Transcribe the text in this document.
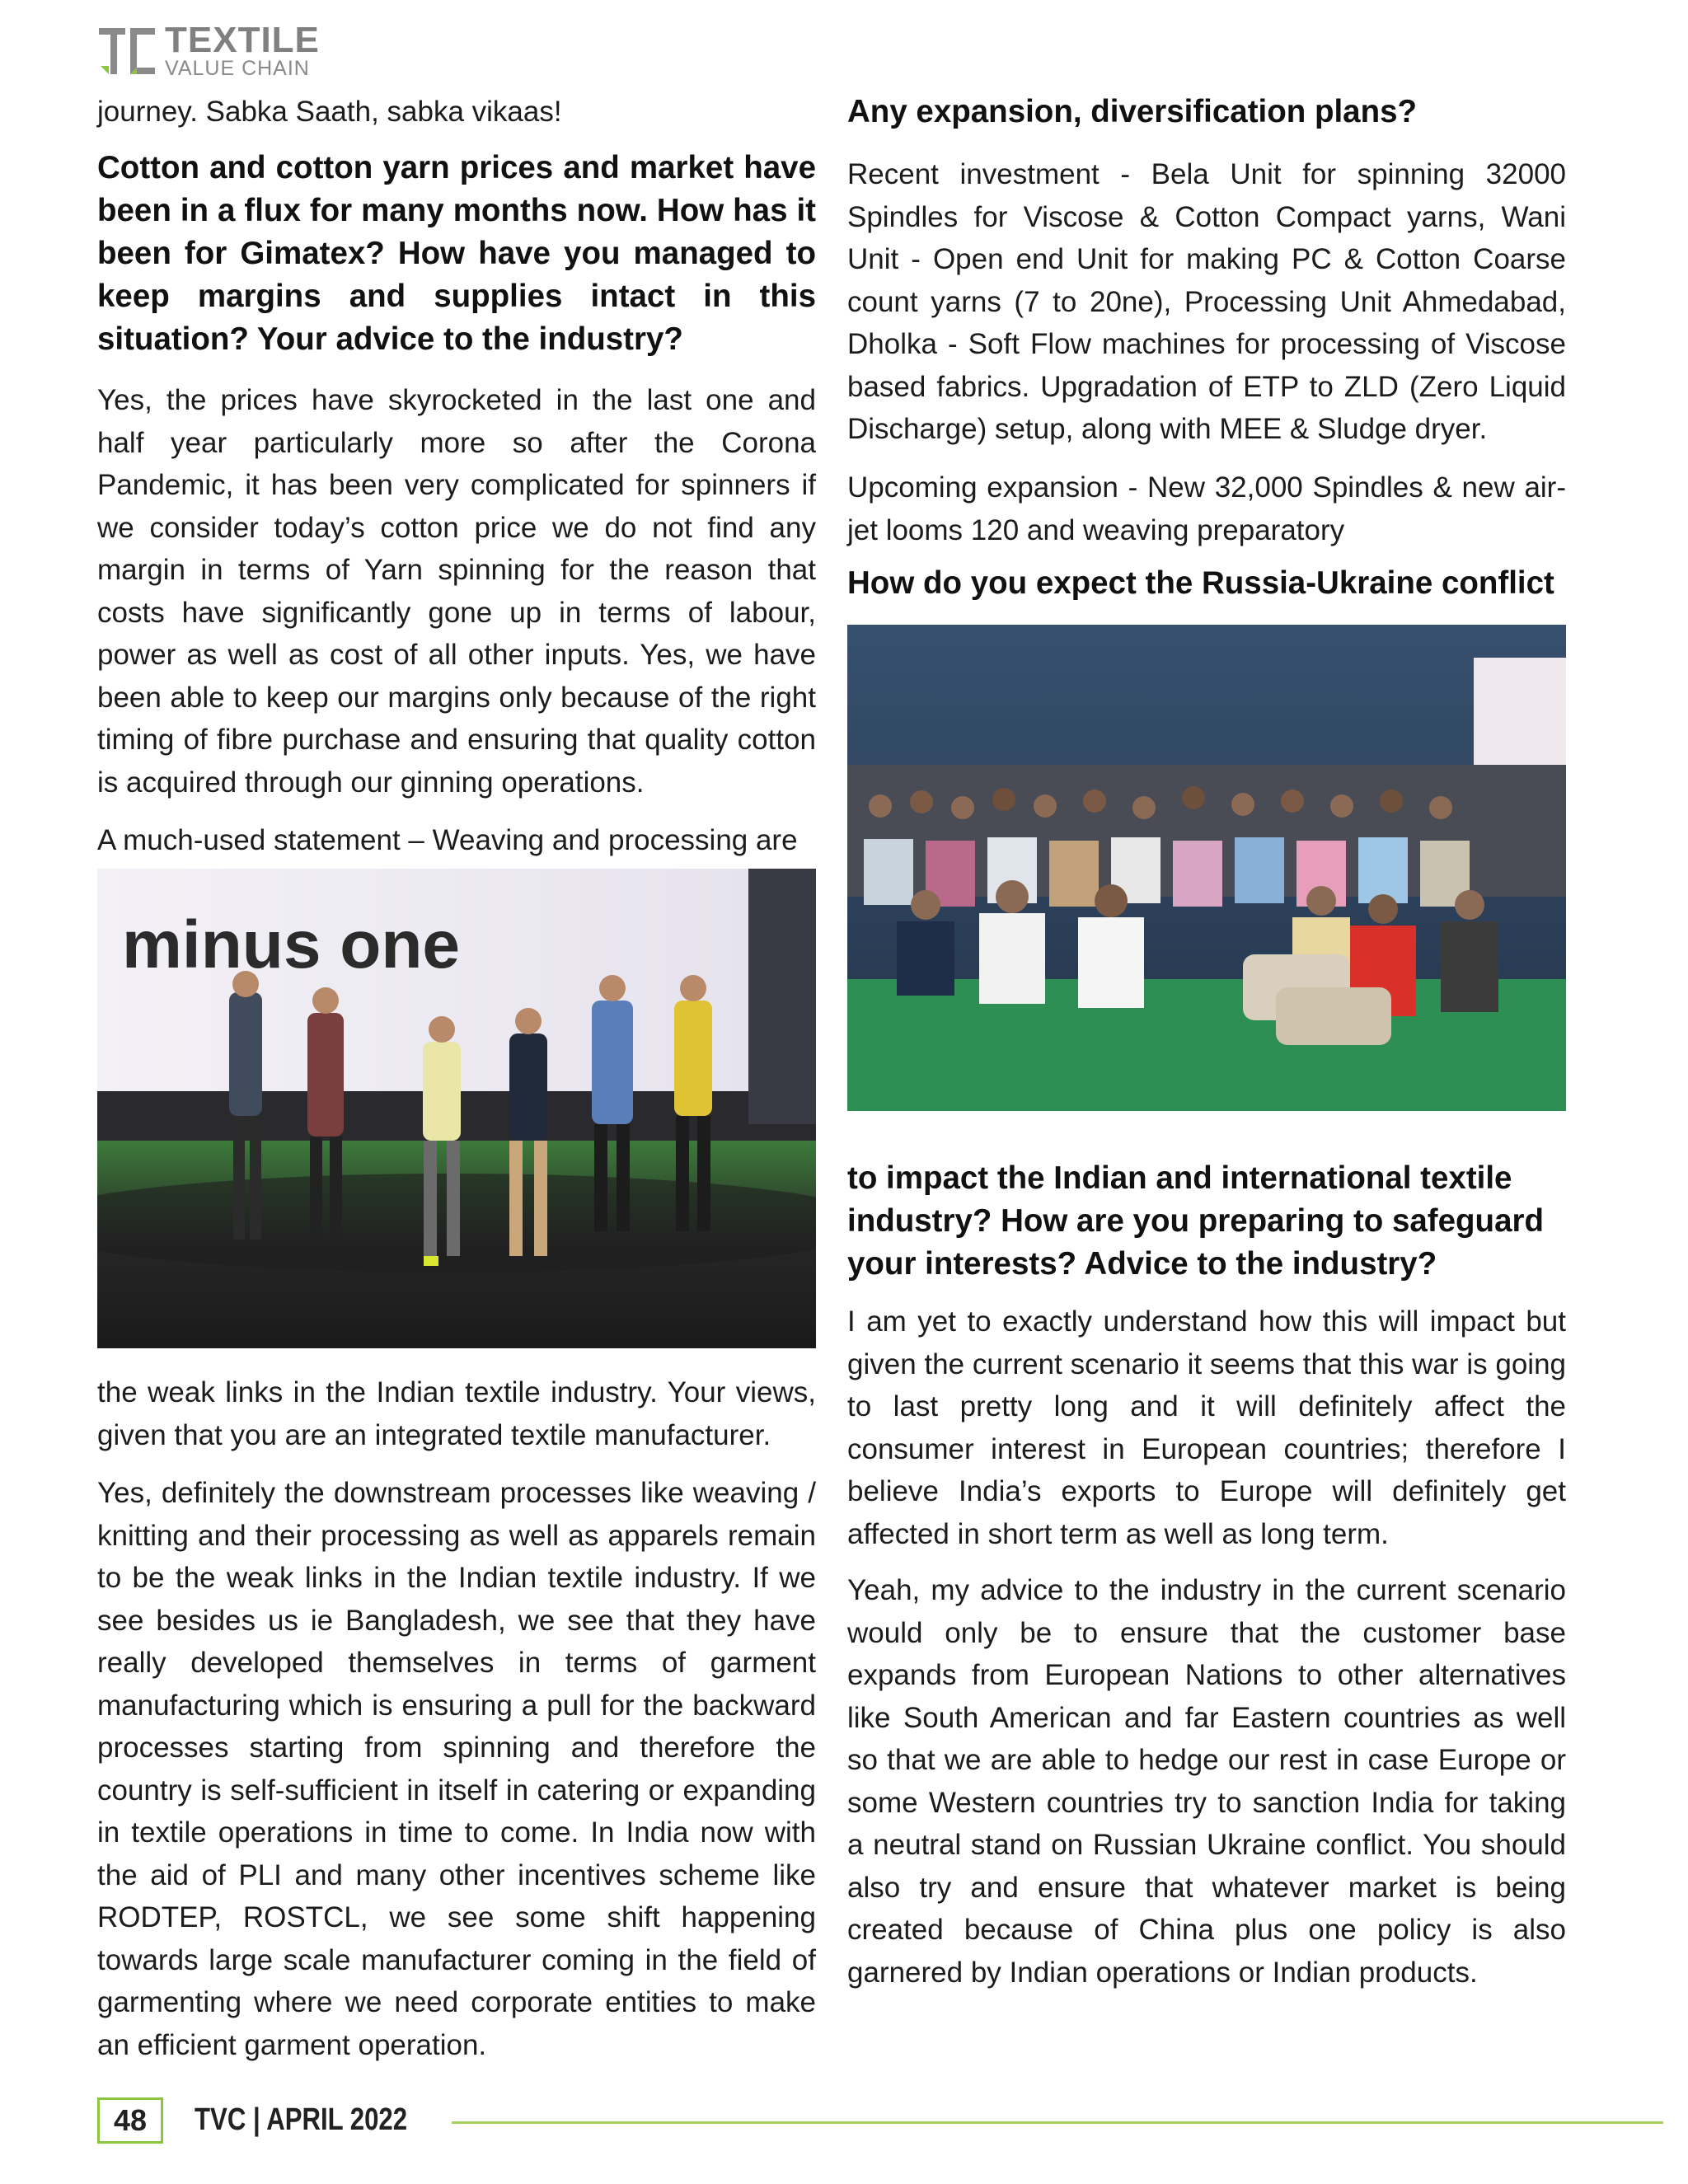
TEXTILE
VALUE CHAIN
journey. Sabka Saath, sabka vikaas!
Cotton and cotton yarn prices and market have been in a flux for many months now. How has it been for Gimatex? How have you managed to keep margins and supplies intact in this situation? Your advice to the industry?
Yes, the prices have skyrocketed in the last one and half year particularly more so after the Corona Pandemic, it has been very complicated for spinners if we consider today’s cotton price we do not find any margin in terms of Yarn spinning for the reason that costs have significantly gone up in terms of labour, power as well as cost of all other inputs. Yes, we have been able to keep our margins only because of the right timing of fibre purchase and ensuring that quality cotton is acquired through our ginning operations.
A much-used statement – Weaving and processing are
minus one
the weak links in the Indian textile industry. Your views, given that you are an integrated textile manufacturer.
Yes, definitely the downstream processes like weaving / knitting and their processing as well as apparels remain to be the weak links in the Indian textile industry. If we see besides us ie Bangladesh, we see that they have really developed themselves in terms of garment manufacturing which is ensuring a pull for the backward processes starting from spinning and therefore the country is self-sufficient in itself in catering or expanding in textile operations in time to come. In India now with the aid of PLI and many other incentives scheme like RODTEP, ROSTCL, we see some shift happening towards large scale manufacturer coming in the field of garmenting where we need corporate entities to make an efficient garment operation.
Any expansion, diversification plans?
Recent investment - Bela Unit for spinning 32000 Spindles for Viscose & Cotton Compact yarns, Wani Unit - Open end Unit for making PC & Cotton Coarse count yarns (7 to 20ne), Processing Unit Ahmedabad, Dholka - Soft Flow machines for processing of Viscose based fabrics. Upgradation of ETP to ZLD (Zero Liquid Discharge) setup, along with MEE & Sludge dryer.
Upcoming expansion - New 32,000 Spindles & new air-jet looms 120 and weaving preparatory
How do you expect the Russia-Ukraine conflict
to impact the Indian and international textile industry? How are you preparing to safeguard your interests? Advice to the industry?
I am yet to exactly understand how this will impact but given the current scenario it seems that this war is going to last pretty long and it will definitely affect the consumer interest in European countries; therefore I believe India’s exports to Europe will definitely get affected in short term as well as long term.
Yeah, my advice to the industry in the current scenario would only be to ensure that the customer base expands from European Nations to other alternatives like South American and far Eastern countries as well so that we are able to hedge our rest in case Europe or some Western countries try to sanction India for taking a neutral stand on Russian Ukraine conflict. You should also try and ensure that whatever market is being created because of China plus one policy is also garnered by Indian operations or Indian products.
48	TVC | APRIL 2022
